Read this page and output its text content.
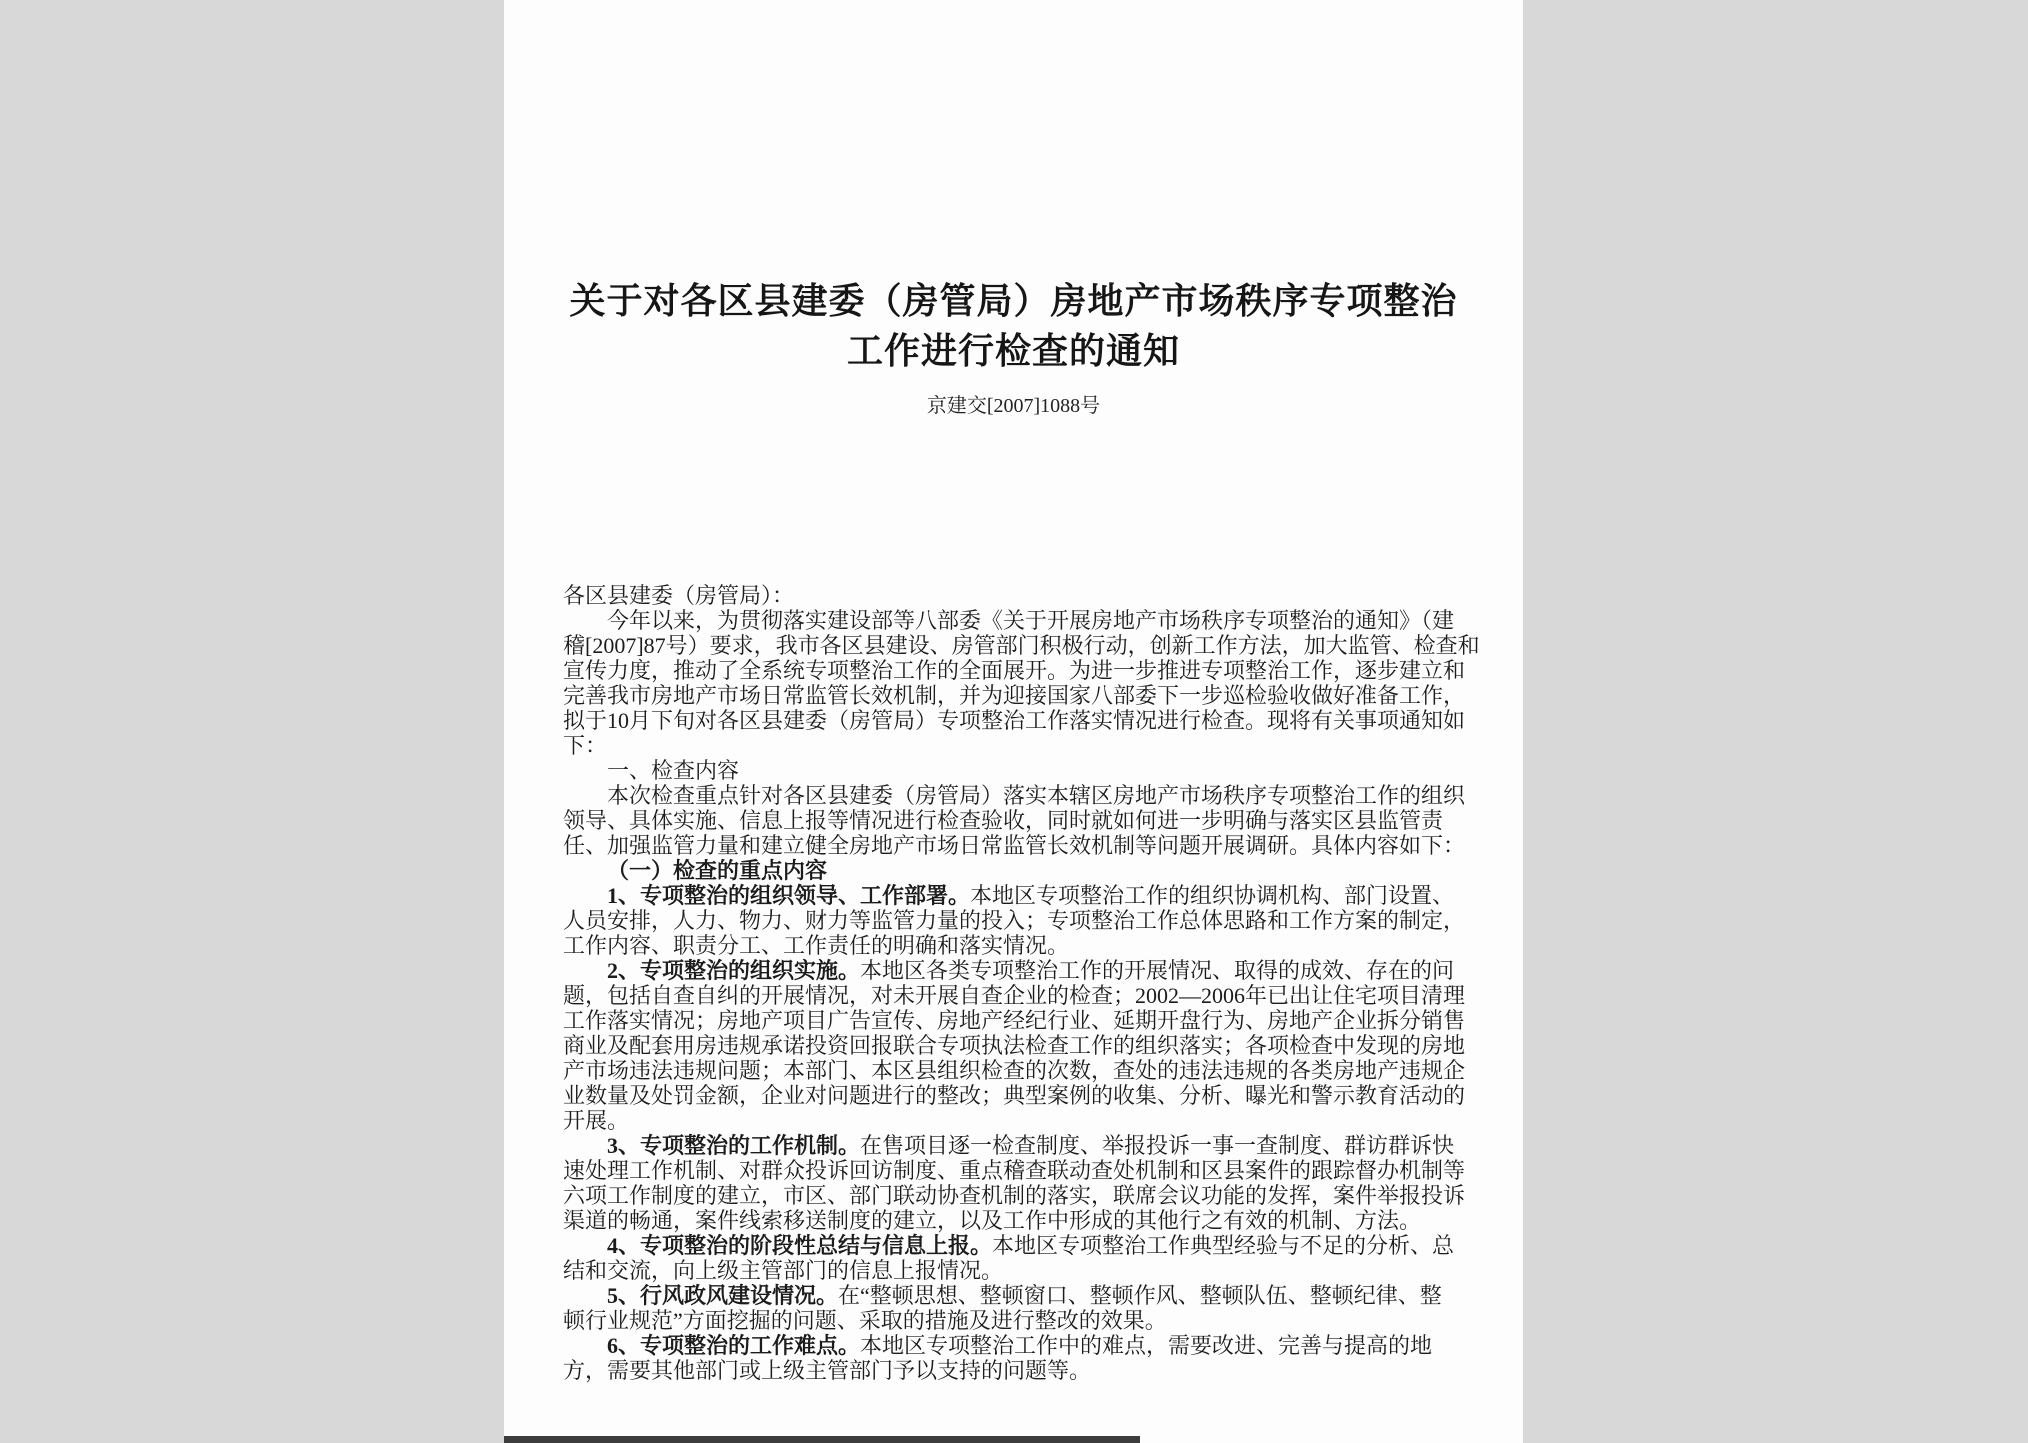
关于对各区县建委（房管局）房地产市场秩序专项整治
工作进行检查的通知
京建交[2007]1088号
各区县建委（房管局）：
今年以来，为贯彻落实建设部等八部委《关于开展房地产市场秩序专项整治的通知》（建
稽[2007]87号）要求，我市各区县建设、房管部门积极行动，创新工作方法，加大监管、检查和
宣传力度，推动了全系统专项整治工作的全面展开。为进一步推进专项整治工作，逐步建立和
完善我市房地产市场日常监管长效机制，并为迎接国家八部委下一步巡检验收做好准备工作，
拟于10月下旬对各区县建委（房管局）专项整治工作落实情况进行检查。现将有关事项通知如
下：
一、检查内容
本次检查重点针对各区县建委（房管局）落实本辖区房地产市场秩序专项整治工作的组织
领导、具体实施、信息上报等情况进行检查验收，同时就如何进一步明确与落实区县监管责
任、加强监管力量和建立健全房地产市场日常监管长效机制等问题开展调研。具体内容如下：
（一）检查的重点内容
1、专项整治的组织领导、工作部署。本地区专项整治工作的组织协调机构、部门设置、
人员安排，人力、物力、财力等监管力量的投入；专项整治工作总体思路和工作方案的制定，
工作内容、职责分工、工作责任的明确和落实情况。
2、专项整治的组织实施。本地区各类专项整治工作的开展情况、取得的成效、存在的问
题，包括自查自纠的开展情况，对未开展自查企业的检查；2002—2006年已出让住宅项目清理
工作落实情况；房地产项目广告宣传、房地产经纪行业、延期开盘行为、房地产企业拆分销售
商业及配套用房违规承诺投资回报联合专项执法检查工作的组织落实；各项检查中发现的房地
产市场违法违规问题；本部门、本区县组织检查的次数，查处的违法违规的各类房地产违规企
业数量及处罚金额，企业对问题进行的整改；典型案例的收集、分析、曝光和警示教育活动的
开展。
3、专项整治的工作机制。在售项目逐一检查制度、举报投诉一事一查制度、群访群诉快
速处理工作机制、对群众投诉回访制度、重点稽查联动查处机制和区县案件的跟踪督办机制等
六项工作制度的建立，市区、部门联动协查机制的落实，联席会议功能的发挥，案件举报投诉
渠道的畅通，案件线索移送制度的建立，以及工作中形成的其他行之有效的机制、方法。
4、专项整治的阶段性总结与信息上报。本地区专项整治工作典型经验与不足的分析、总
结和交流，向上级主管部门的信息上报情况。
5、行风政风建设情况。在“整顿思想、整顿窗口、整顿作风、整顿队伍、整顿纪律、整
顿行业规范”方面挖掘的问题、采取的措施及进行整改的效果。
6、专项整治的工作难点。本地区专项整治工作中的难点，需要改进、完善与提高的地
方，需要其他部门或上级主管部门予以支持的问题等。
